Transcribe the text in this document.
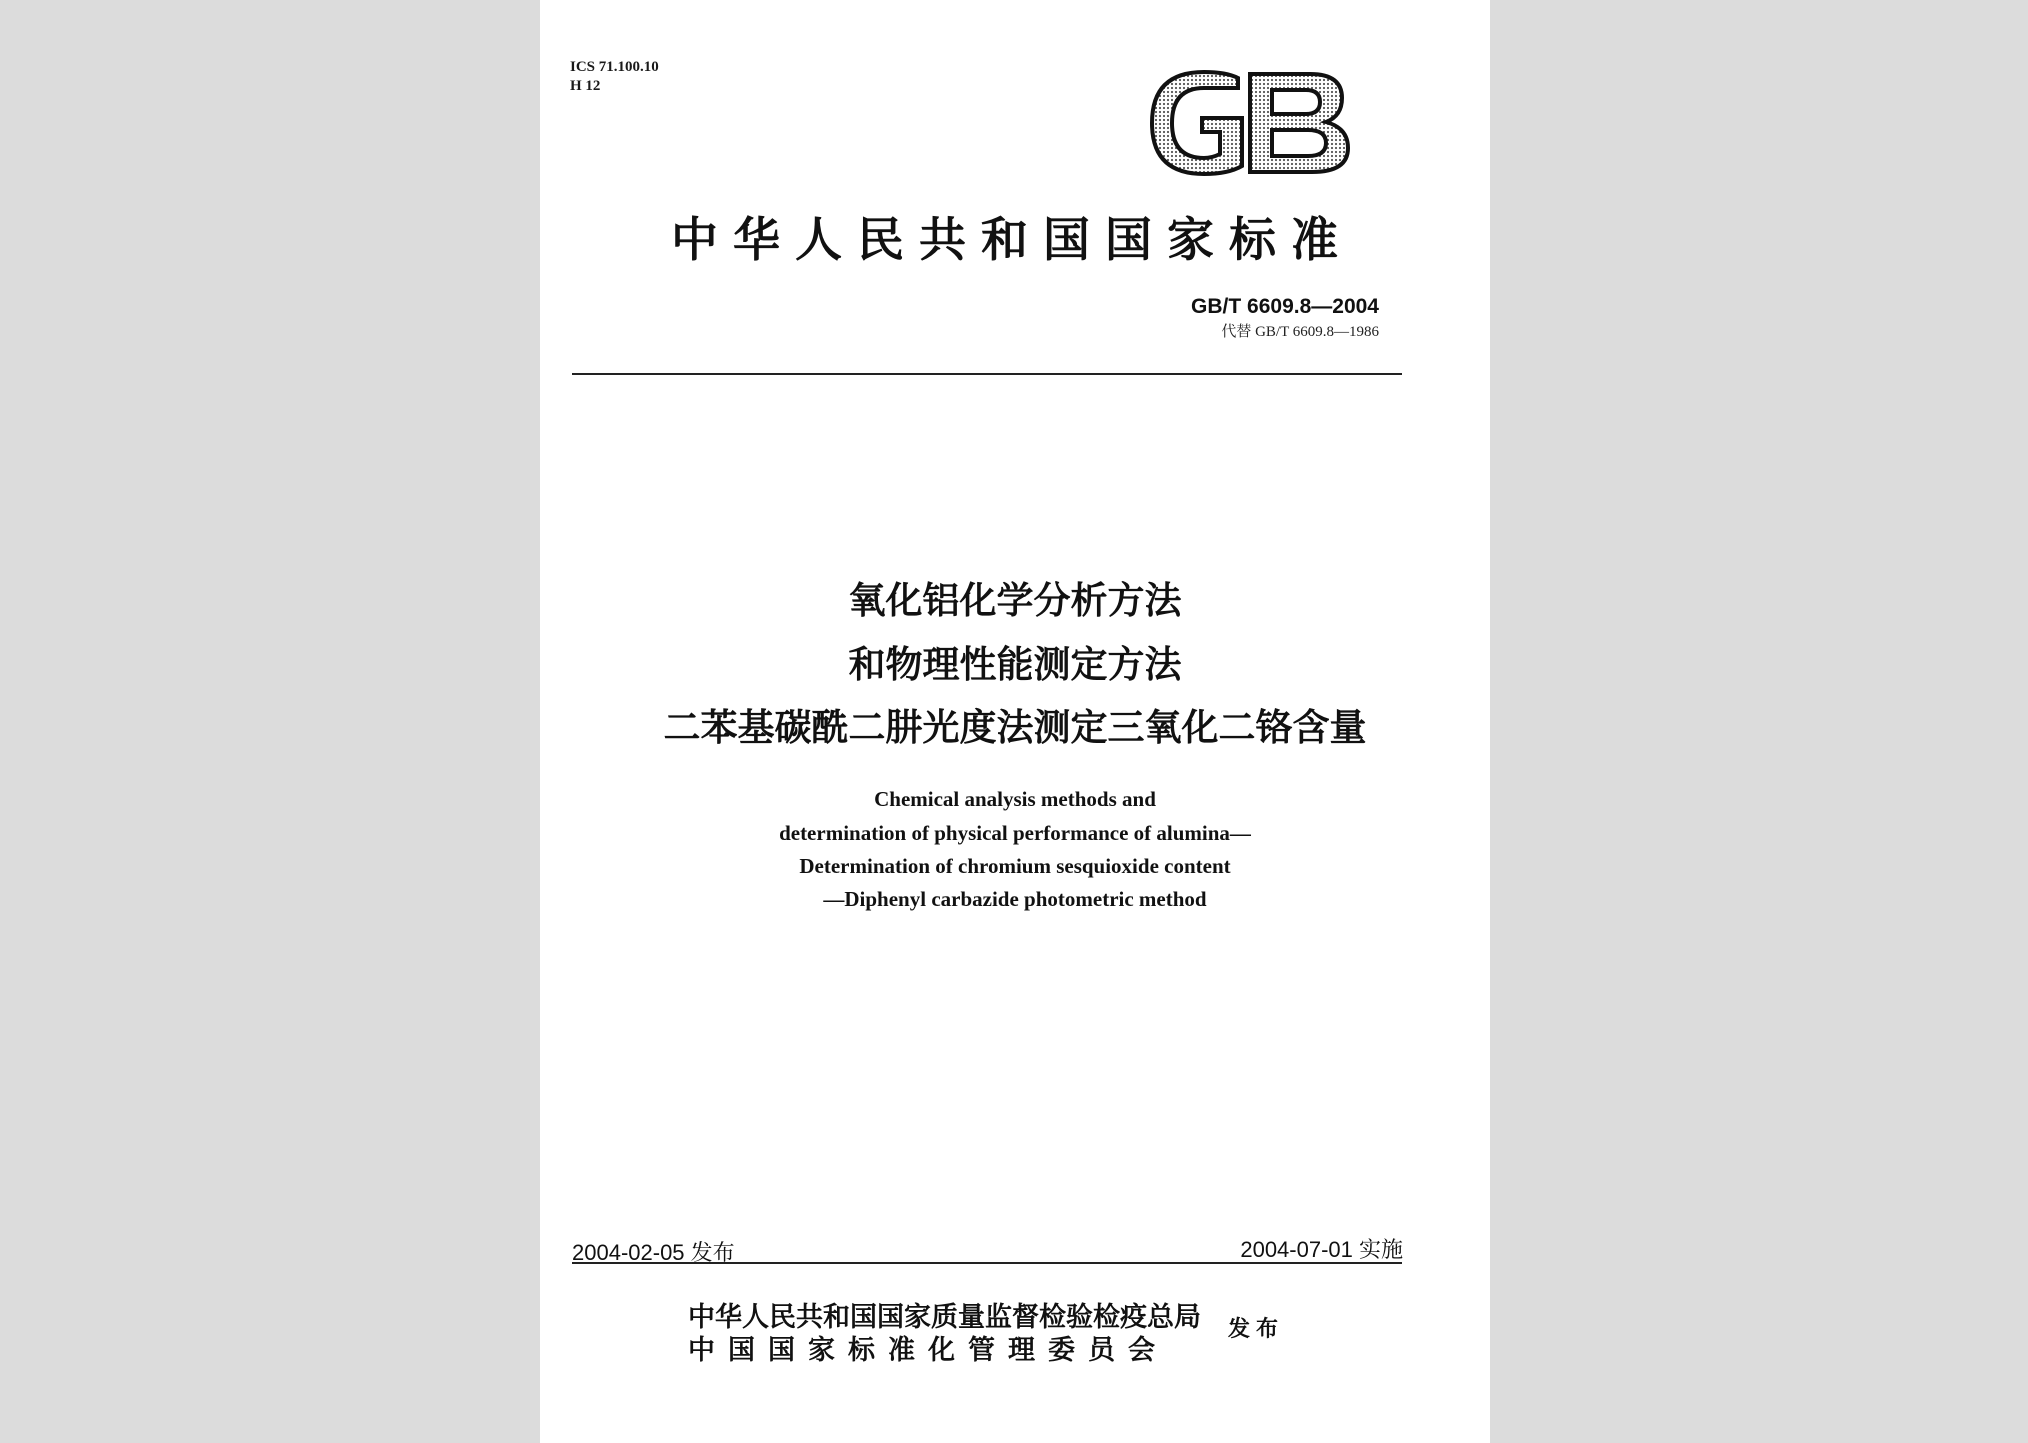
ICS 71.100.10
H 12
GB
中华人民共和国国家标准
GB/T 6609.8—2004
代替 GB/T 6609.8—1986
氧化铝化学分析方法
和物理性能测定方法
二苯基碳酰二肼光度法测定三氧化二铬含量
Chemical analysis methods and
determination of physical performance of alumina—
Determination of chromium sesquioxide content
—Diphenyl carbazide photometric method
2004-02-05 发布	2004-07-01 实施
中华人民共和国国家质量监督检验检疫总局
中国国家标准化管理委员会
发布
